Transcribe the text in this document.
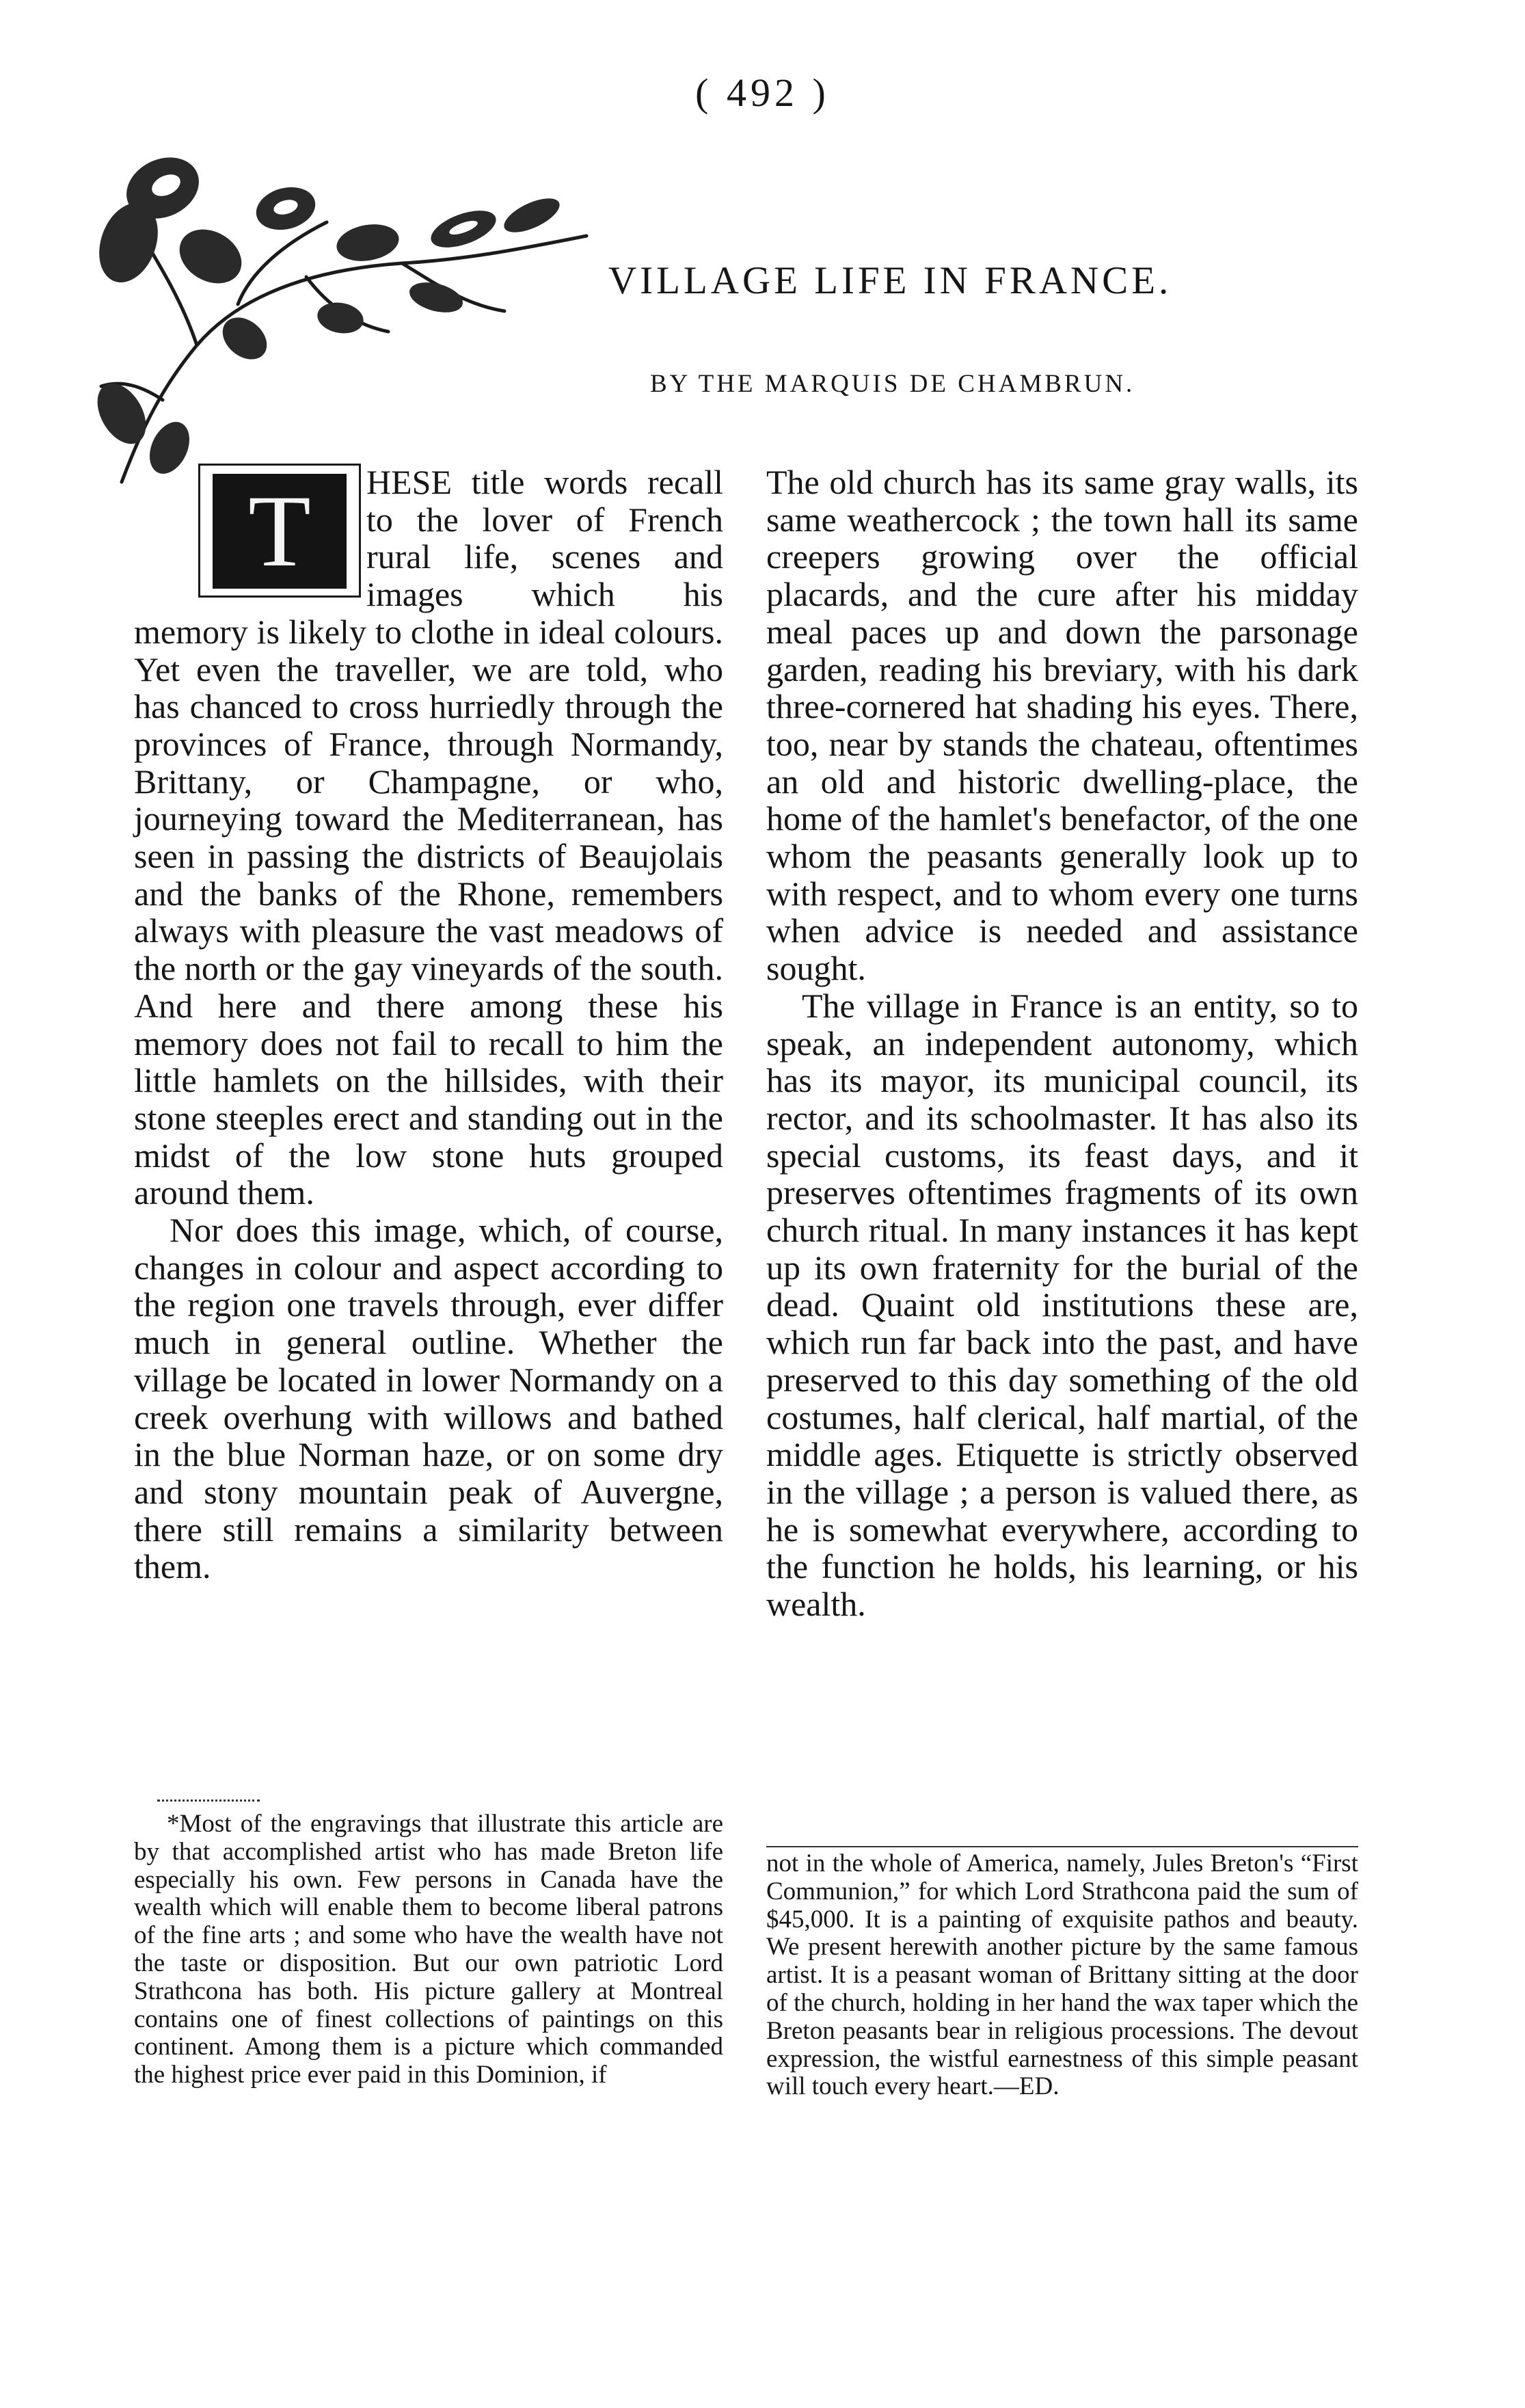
( 492 )
VILLAGE LIFE IN FRANCE.
BY THE MARQUIS DE CHAMBRUN.
T	HESE title words recall to the lover of French rural life, scenes and images which his memory is likely to clothe in ideal colours. Yet even the traveller, we are told, who has chanced to cross hurriedly through the provinces of France, through Normandy, Brittany, or Champagne, or who, journeying toward the Mediterranean, has seen in passing the districts of Beaujolais and the banks of the Rhone, remembers always with pleasure the vast meadows of the north or the gay vineyards of the south. And here and there among these his memory does not fail to recall to him the little hamlets on the hillsides, with their stone steeples erect and standing out in the midst of the low stone huts grouped around them.

Nor does this image, which, of course, changes in colour and aspect according to the region one travels through, ever differ much in general outline. Whether the village be located in lower Normandy on a creek overhung with willows and bathed in the blue Norman haze, or on some dry and stony mountain peak of Auvergne, there still remains a similarity between them.

The old church has its same gray walls, its same weathercock ; the town hall its same creepers growing over the official placards, and the cure after his midday meal paces up and down the parsonage garden, reading his breviary, with his dark three-cornered hat shading his eyes. There, too, near by stands the chateau, oftentimes an old and historic dwelling-place, the home of the hamlet's benefactor, of the one whom the peasants generally look up to with respect, and to whom every one turns when advice is needed and assistance sought.

The village in France is an entity, so to speak, an independent autonomy, which has its mayor, its municipal council, its rector, and its schoolmaster. It has also its special customs, its feast days, and it preserves oftentimes fragments of its own church ritual. In many instances it has kept up its own fraternity for the burial of the dead. Quaint old institutions these are, which run far back into the past, and have preserved to this day something of the old costumes, half clerical, half martial, of the middle ages. Etiquette is strictly observed in the village ; a person is valued there, as he is somewhat everywhere, according to the function he holds, his learning, or his wealth.

*Most of the engravings that illustrate this article are by that accomplished artist who has made Breton life especially his own. Few persons in Canada have the wealth which will enable them to become liberal patrons of the fine arts ; and some who have the wealth have not the taste or disposition. But our own patriotic Lord Strathcona has both. His picture gallery at Montreal contains one of finest collections of paintings on this continent. Among them is a picture which commanded the highest price ever paid in this Dominion, if

not in the whole of America, namely, Jules Breton's “First Communion,” for which Lord Strathcona paid the sum of $45,000. It is a painting of exquisite pathos and beauty. We present herewith another picture by the same famous artist. It is a peasant woman of Brittany sitting at the door of the church, holding in her hand the wax taper which the Breton peasants bear in religious processions. The devout expression, the wistful earnestness of this simple peasant will touch every heart.—ED.
